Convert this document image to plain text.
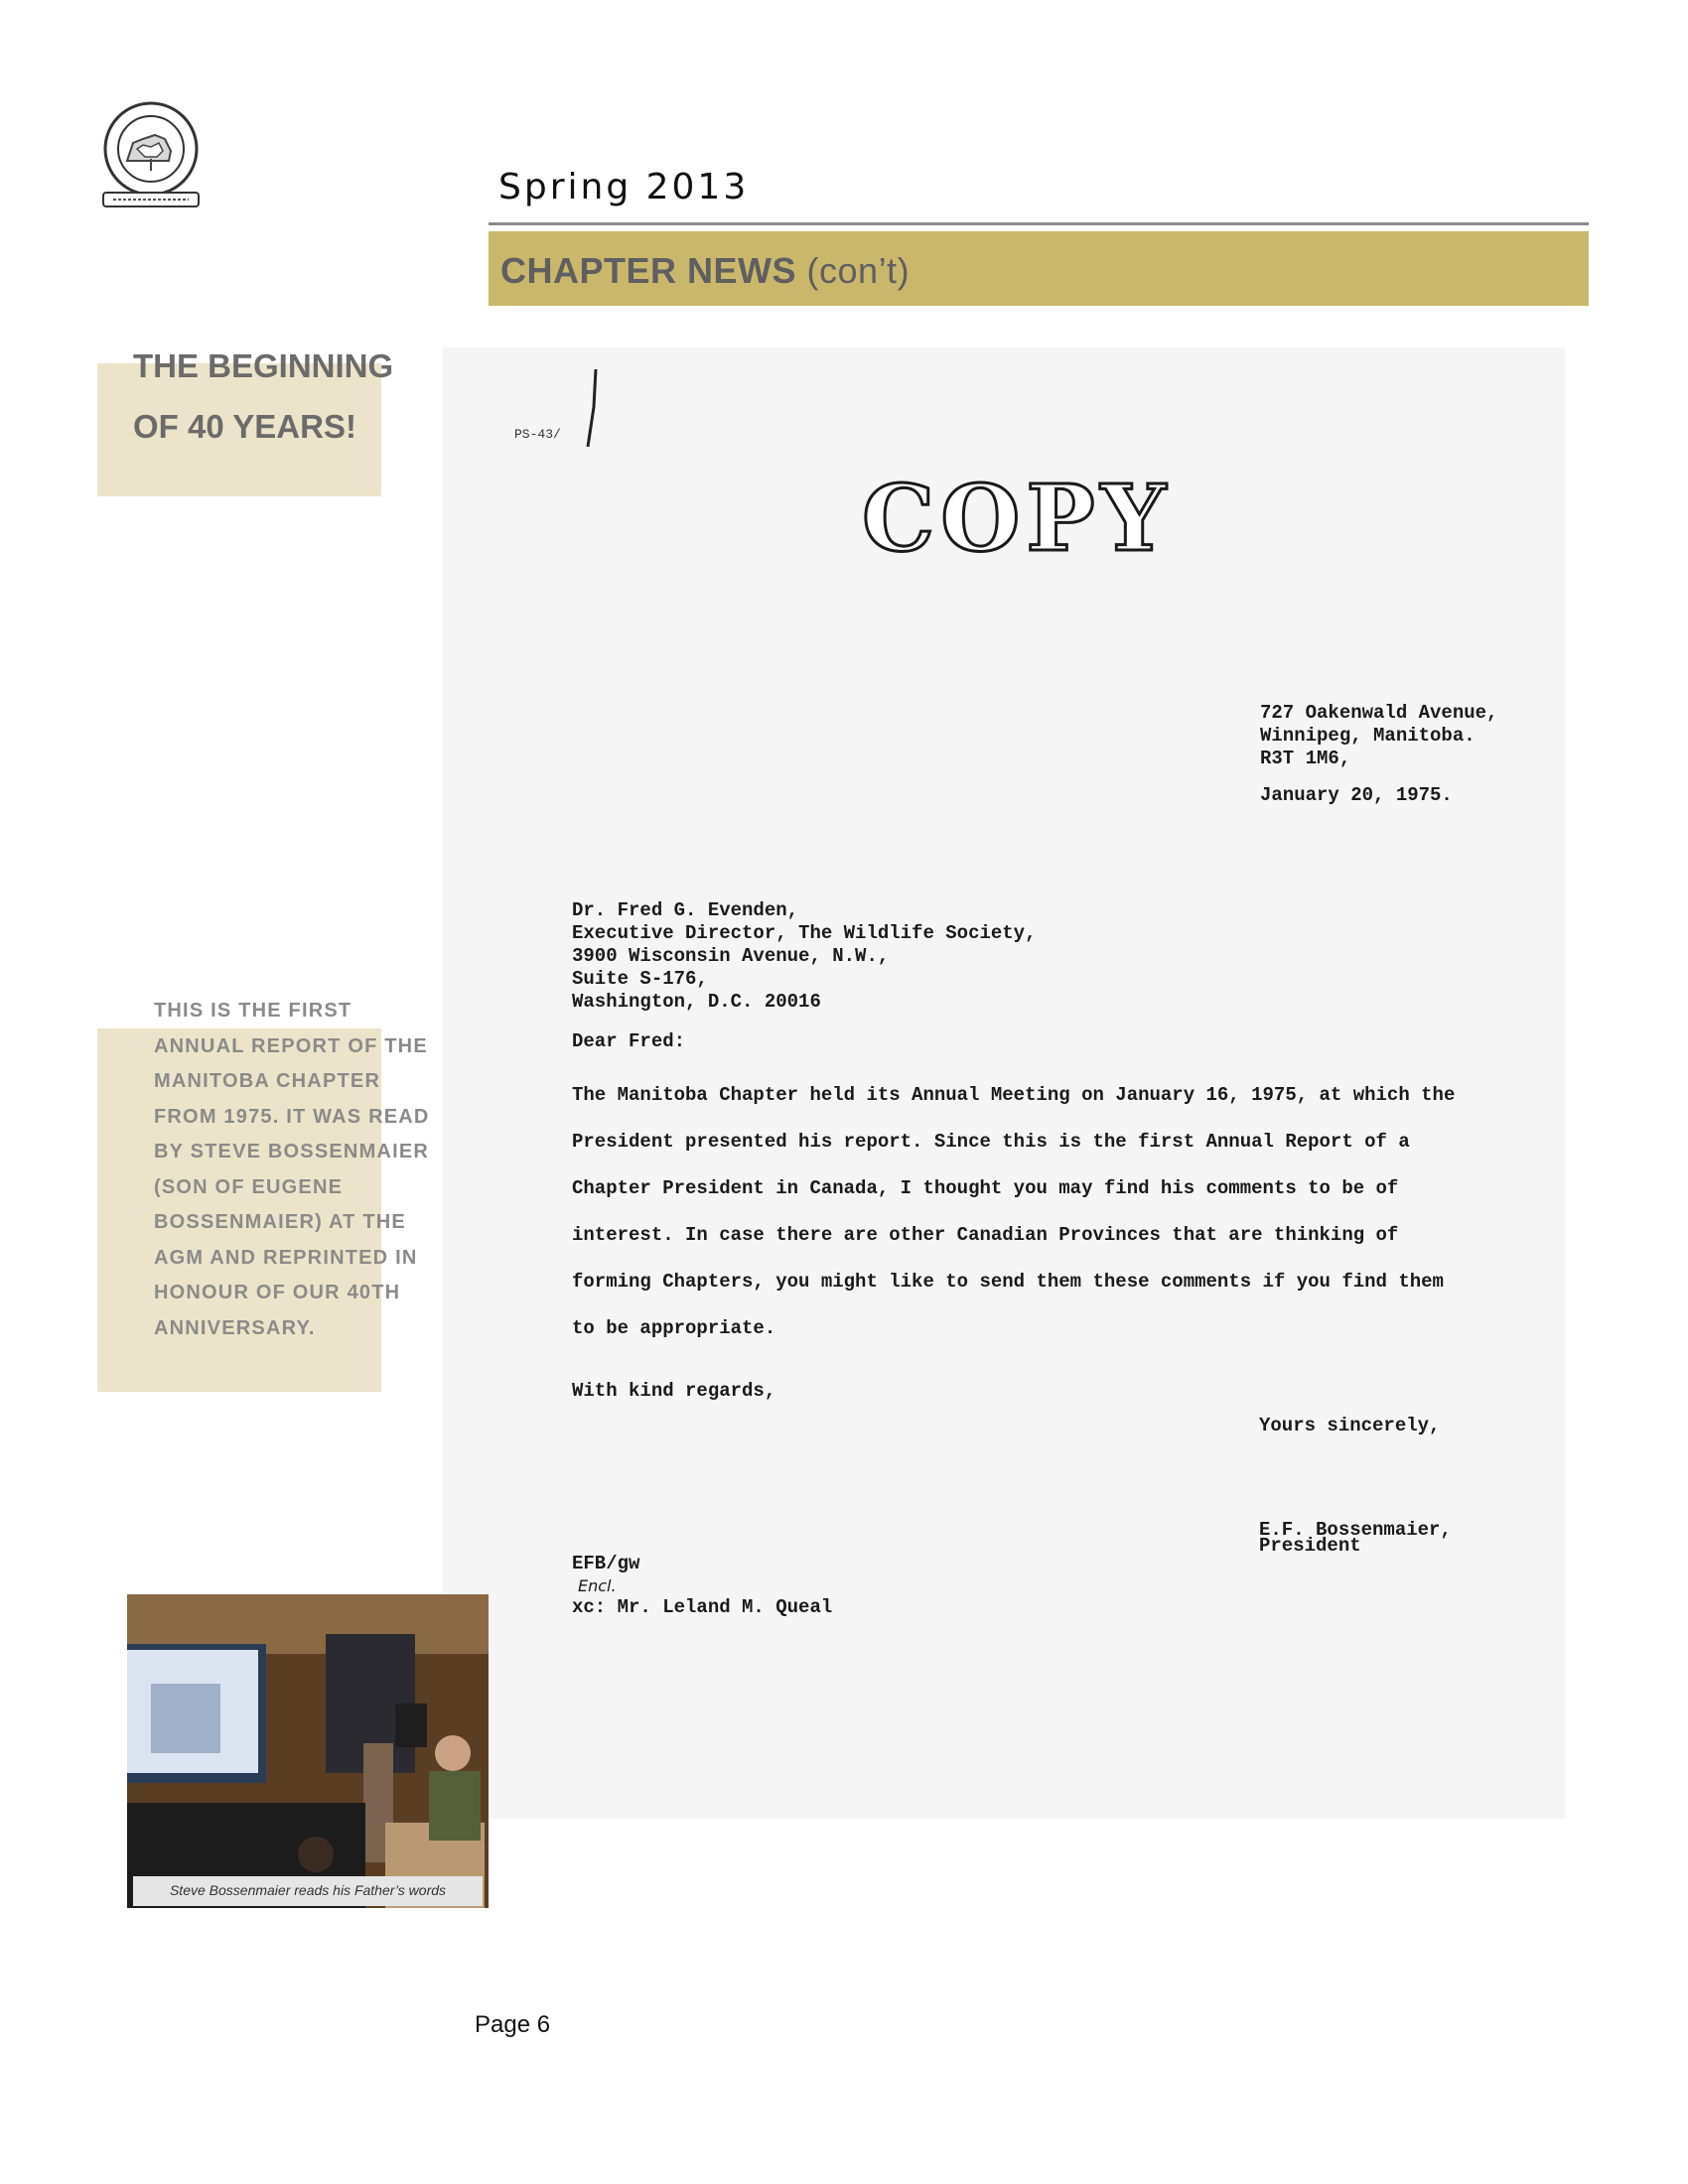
Spring 2013

CHAPTER NEWS (con’t)

THE BEGINNING
OF 40 YEARS!

THIS IS THE FIRST ANNUAL REPORT OF THE MANITOBA CHAPTER FROM 1975. IT WAS READ BY STEVE BOSSENMAIER (SON OF EUGENE BOSSENMAIER) AT THE AGM AND REPRINTED IN HONOUR OF OUR 40TH ANNIVERSARY.

PS-43/

COPY

727 Oakenwald Avenue,
Winnipeg, Manitoba.
R3T 1M6,

January 20, 1975.

Dr. Fred G. Evenden,
Executive Director, The Wildlife Society,
3900 Wisconsin Avenue, N.W.,
Suite S-176,
Washington, D.C. 20016

Dear Fred:

The Manitoba Chapter held its Annual Meeting on January 16, 1975, at which the President presented his report. Since this is the first Annual Report of a Chapter President in Canada, I thought you may find his comments to be of interest. In case there are other Canadian Provinces that are thinking of forming Chapters, you might like to send them these comments if you find them to be appropriate.

With kind regards,

Yours sincerely,

E.F. Bossenmaier,

President

EFB/gw

Encl.

xc: Mr. Leland M. Queal

Steve Bossenmaier reads his Father’s words

Page 6
